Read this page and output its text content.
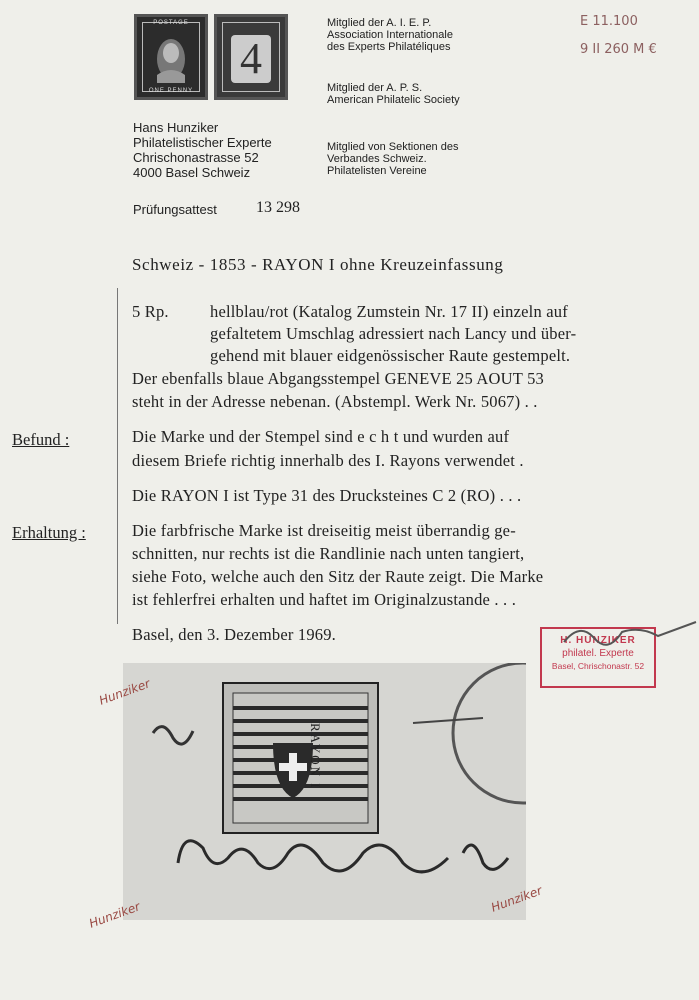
POSTAGE
ONE PENNY
4
Mitglied der A. I. E. P.
Association Internationale
des Experts Philatéliques
Mitglied der A. P. S.
American Philatelic Society
Mitglied von Sektionen des
Verbandes Schweiz.
Philatelisten Vereine
E 11.100
9 II 260 M €
Hans Hunziker
Philatelistischer Experte
Chrischonastrasse 52
4000 Basel Schweiz
Prüfungsattest 13 298
Schweiz - 1853 - RAYON I ohne Kreuzeinfassung
5 Rp. hellblau/rot (Katalog Zumstein Nr. 17 II) einzeln auf
gefaltetem Umschlag adressiert nach Lancy und über-
gehend mit blauer eidgenössischer Raute gestempelt.
Der ebenfalls blaue Abgangsstempel GENEVE 25 AOUT 53
steht in der Adresse nebenan. (Abstempl. Werk Nr. 5067) . .
Befund :	Die Marke und der Stempel sind e c h t und wurden auf
diesem Briefe richtig innerhalb des I. Rayons verwendet .
Die RAYON I ist Type 31 des Drucksteines C 2 (RO) . . .
Erhaltung :	Die farbfrische Marke ist dreiseitig meist überrandig ge-
schnitten, nur rechts ist die Randlinie nach unten tangiert,
siehe Foto, welche auch den Sitz der Raute zeigt. Die Marke
ist fehlerfrei erhalten und haftet im Originalzustande . . .
Basel, den 3. Dezember 1969.	H. HUNZIKER
philatel. Experte
Basel, Chrischonastr. 52
RAYON I
Hunziker
Hunziker
Hunziker
